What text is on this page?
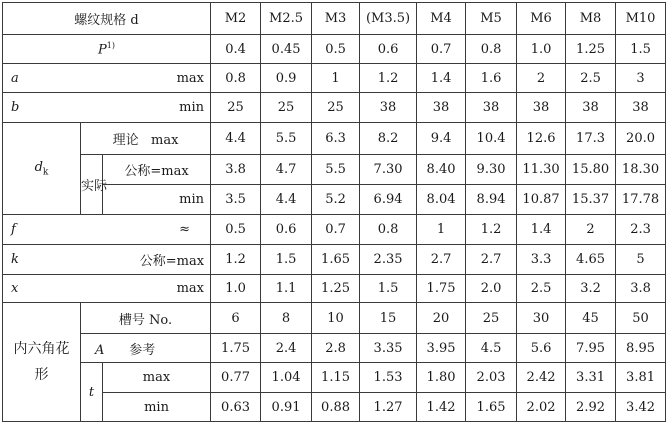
螺纹规格 d			M2	M2.5	M3	(M3.5)	M4	M5	M6	M8	M10
$P^{1)}$			0.4	0.45	0.5	0.6	0.7	0.8	1.0	1.25	1.5
a	max		0.8	0.9	1	1.2	1.4	1.6	2	2.5	3
b	min		25	25	25	38	38	38	38	38	38
$d_k$	理论 max		4.4	5.5	6.3	8.2	9.4	10.4	12.6	17.3	20.0
	实际	公称=max	3.8	4.7	5.5	7.30	8.40	9.30	11.30	15.80	18.30
		min	3.5	4.4	5.2	6.94	8.04	8.94	10.87	15.37	17.78
f	≈		0.5	0.6	0.7	0.8	1	1.2	1.4	2	2.3
k	公称=max		1.2	1.5	1.65	2.35	2.7	2.7	3.3	4.65	5
x	max		1.0	1.1	1.25	1.5	1.75	2.0	2.5	3.2	3.8
内六角花形	槽号 No.		6	8	10	15	20	25	30	45	50
	A 参考		1.75	2.4	2.8	3.35	3.95	4.5	5.6	7.95	8.95
	t	max	0.77	1.04	1.15	1.53	1.80	2.03	2.42	3.31	3.81
		min	0.63	0.91	0.88	1.27	1.42	1.65	2.02	2.92	3.42
